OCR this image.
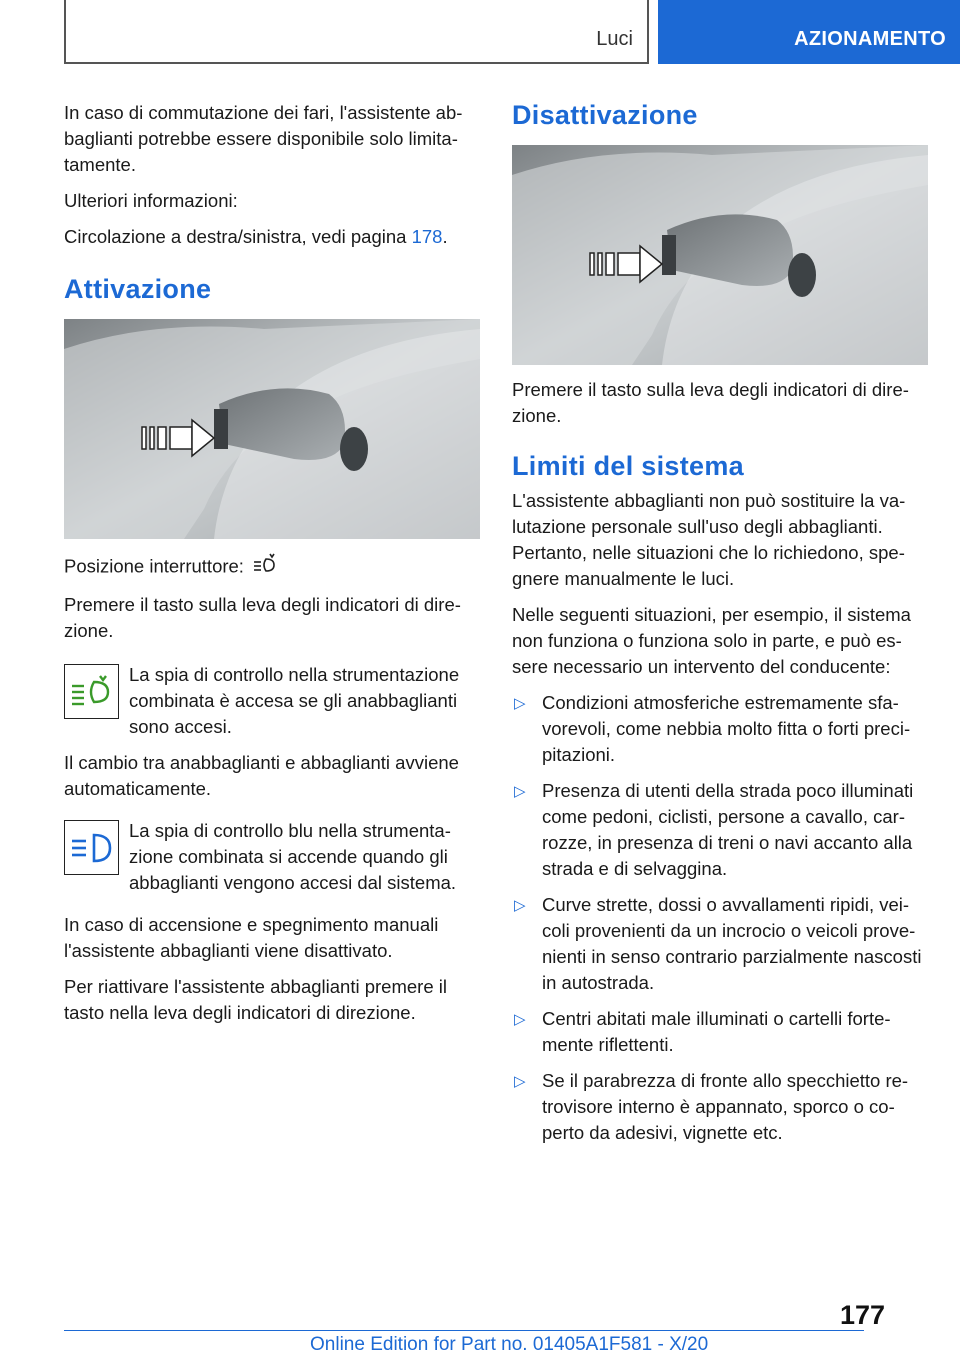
Luci	AZIONAMENTO

In caso di commutazione dei fari, l'assistente abbaglianti potrebbe essere disponibile solo limitatamente.

Ulteriori informazioni:

Circolazione a destra/sinistra, vedi pagina 178.

Attivazione

Posizione interruttore:

Premere il tasto sulla leva degli indicatori di direzione.

La spia di controllo nella strumentazione combinata è accesa se gli anabbaglianti sono accesi.

Il cambio tra anabbaglianti e abbaglianti avviene automaticamente.

La spia di controllo blu nella strumentazione combinata si accende quando gli abbaglianti vengono accesi dal sistema.

In caso di accensione e spegnimento manuali l'assistente abbaglianti viene disattivato.

Per riattivare l'assistente abbaglianti premere il tasto nella leva degli indicatori di direzione.

Disattivazione

Premere il tasto sulla leva degli indicatori di direzione.

Limiti del sistema

L'assistente abbaglianti non può sostituire la valutazione personale sull'uso degli abbaglianti. Pertanto, nelle situazioni che lo richiedono, spegnere manualmente le luci.

Nelle seguenti situazioni, per esempio, il sistema non funziona o funziona solo in parte, e può essere necessario un intervento del conducente:

▷ Condizioni atmosferiche estremamente sfavorevoli, come nebbia molto fitta o forti precipitazioni.
▷ Presenza di utenti della strada poco illuminati come pedoni, ciclisti, persone a cavallo, carrozze, in presenza di treni o navi accanto alla strada e di selvaggina.
▷ Curve strette, dossi o avvallamenti ripidi, veicoli provenienti da un incrocio o veicoli provenienti in senso contrario parzialmente nascosti in autostrada.
▷ Centri abitati male illuminati o cartelli fortemente riflettenti.
▷ Se il parabrezza di fronte allo specchietto retrovisore interno è appannato, sporco o coperto da adesivi, vignette etc.
177
Online Edition for Part no. 01405A1F581 - X/20
